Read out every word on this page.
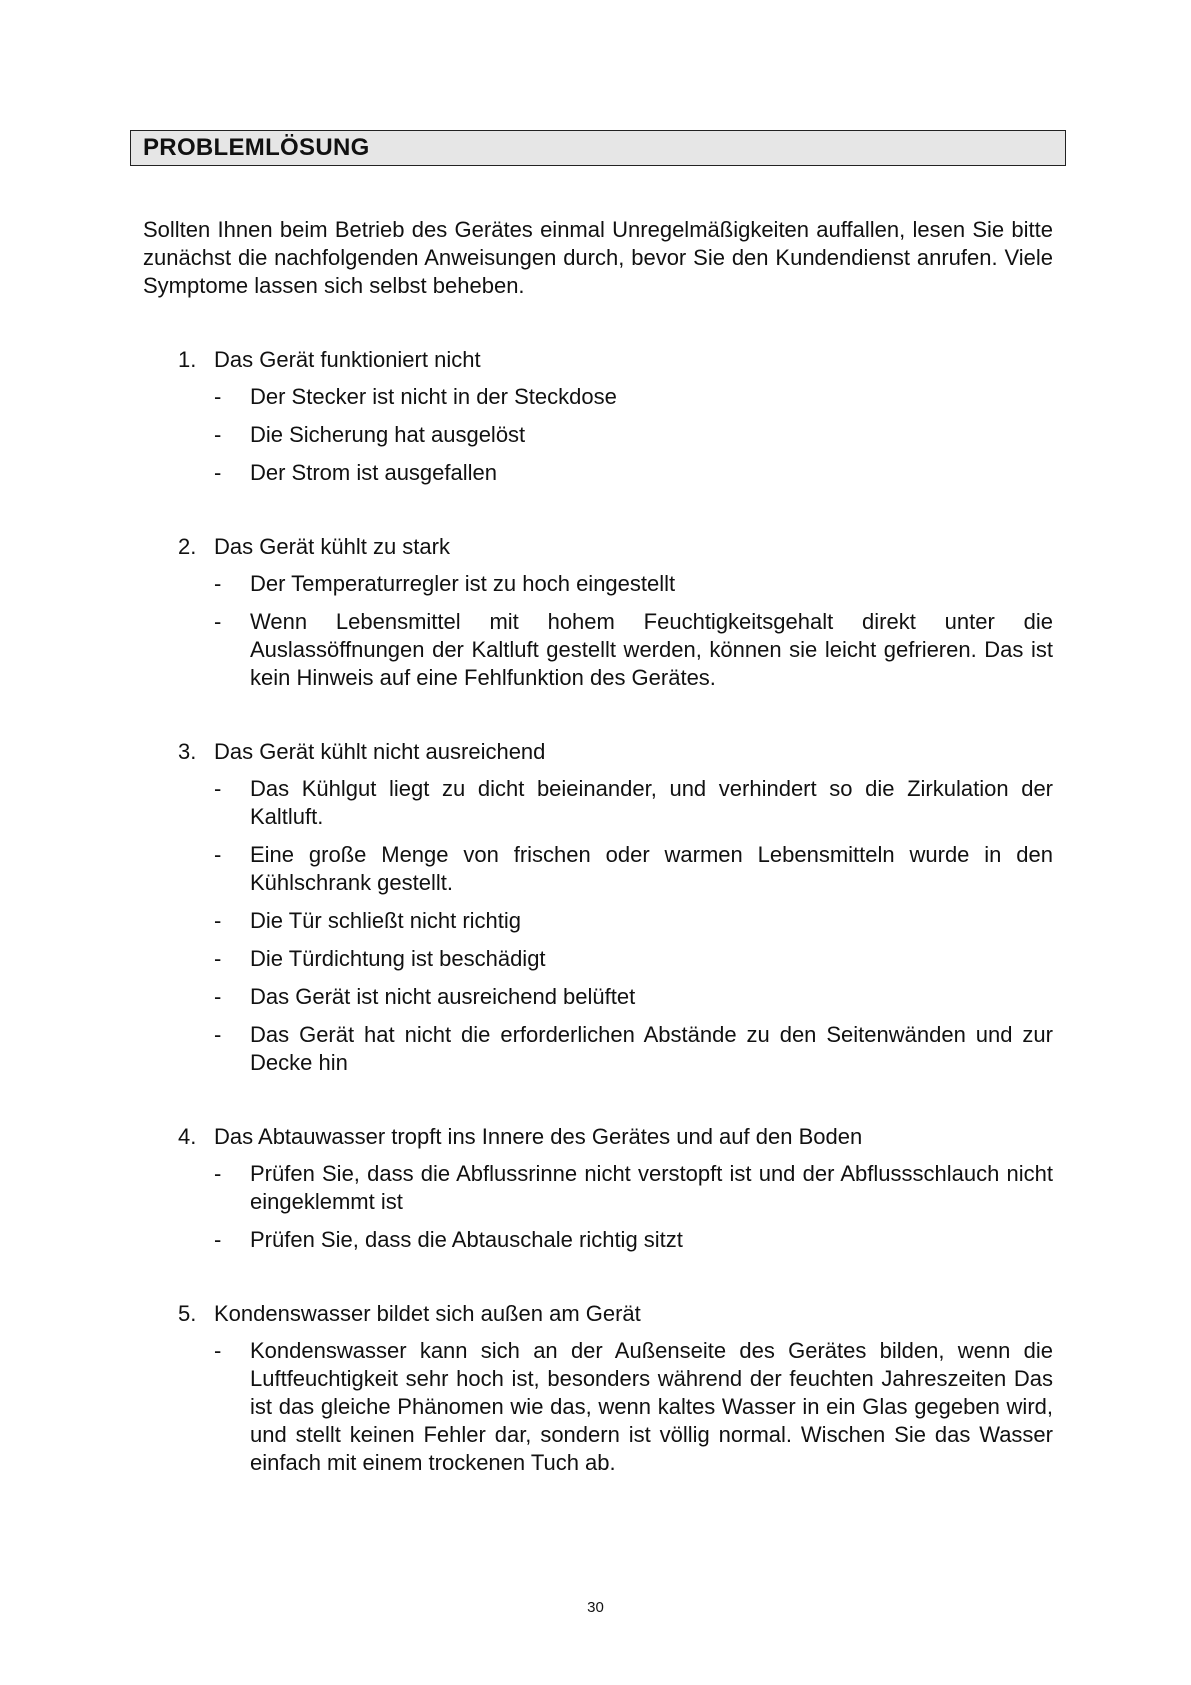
PROBLEMLÖSUNG

Sollten Ihnen beim Betrieb des Gerätes einmal Unregelmäßigkeiten auffallen, lesen Sie bitte zunächst die nachfolgenden Anweisungen durch, bevor Sie den Kundendienst anrufen. Viele Symptome lassen sich selbst beheben.

1. Das Gerät funktioniert nicht
-	Der Stecker ist nicht in der Steckdose
-	Die Sicherung hat ausgelöst
-	Der Strom ist ausgefallen
2. Das Gerät kühlt zu stark
-	Der Temperaturregler ist zu hoch eingestellt
-	Wenn Lebensmittel mit hohem Feuchtigkeitsgehalt direkt unter die Auslassöffnungen der Kaltluft gestellt werden, können sie leicht gefrieren. Das ist kein Hinweis auf eine Fehlfunktion des Gerätes.
3. Das Gerät kühlt nicht ausreichend
-	Das Kühlgut liegt zu dicht beieinander, und verhindert so die Zirkulation der Kaltluft.
-	Eine große Menge von frischen oder warmen Lebensmitteln wurde in den Kühlschrank gestellt.
-	Die Tür schließt nicht richtig
-	Die Türdichtung ist beschädigt
-	Das Gerät ist nicht ausreichend belüftet
-	Das Gerät hat nicht die erforderlichen Abstände zu den Seitenwänden und zur Decke hin
4. Das Abtauwasser tropft ins Innere des Gerätes und auf den Boden
-	Prüfen Sie, dass die Abflussrinne nicht verstopft ist und der Abflussschlauch nicht eingeklemmt ist
-	Prüfen Sie, dass die Abtauschale richtig sitzt
5. Kondenswasser bildet sich außen am Gerät
-	Kondenswasser kann sich an der Außenseite des Gerätes bilden, wenn die Luftfeuchtigkeit sehr hoch ist, besonders während der feuchten Jahreszeiten Das ist das gleiche Phänomen wie das, wenn kaltes Wasser in ein Glas gegeben wird, und stellt keinen Fehler dar, sondern ist völlig normal. Wischen Sie das Wasser einfach mit einem trockenen Tuch ab.
30
